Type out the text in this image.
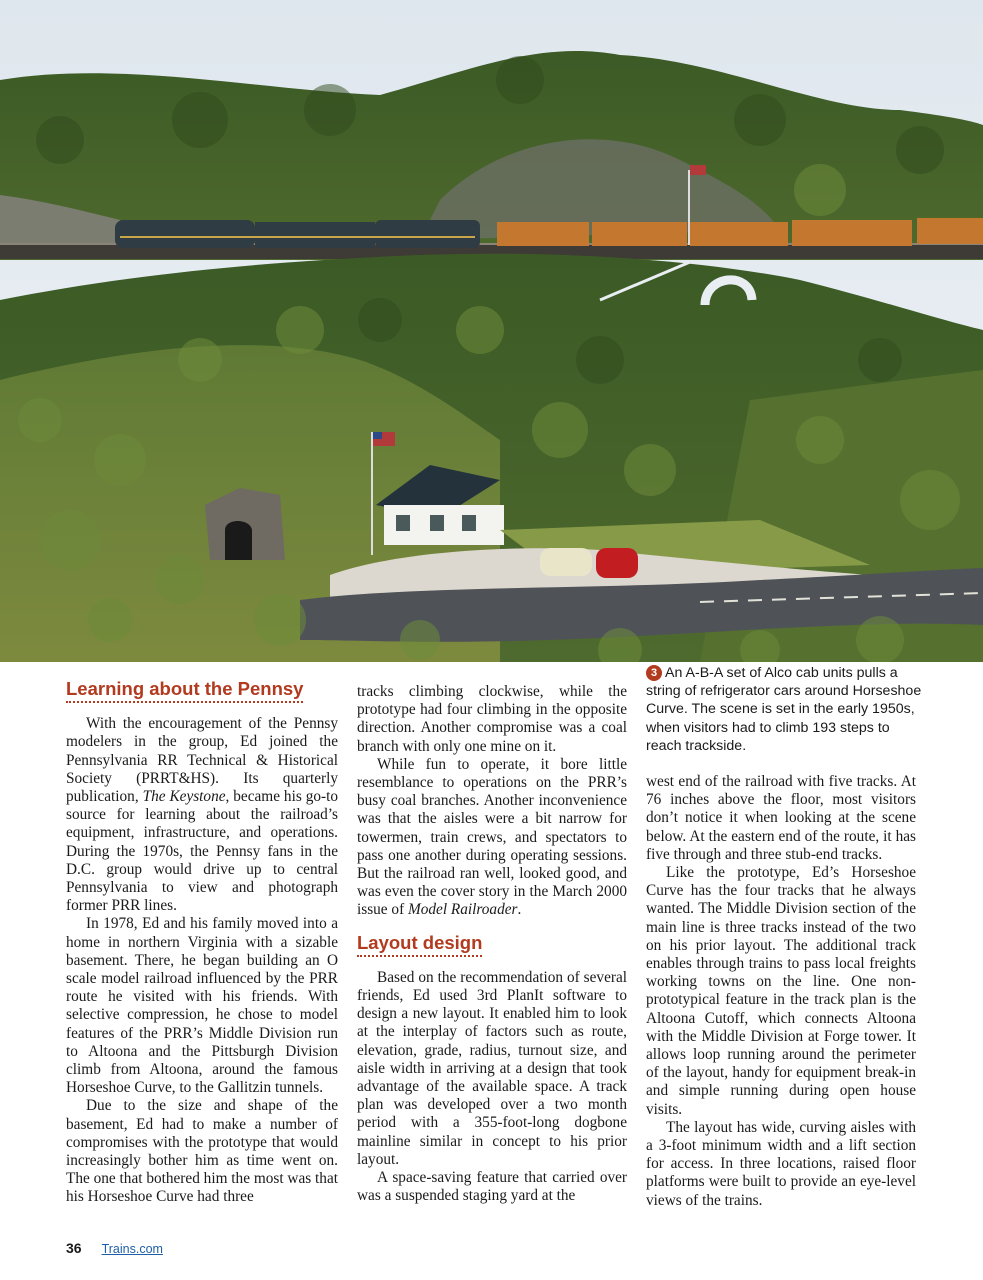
3 An A-B-A set of Alco cab units pulls a string of refrigerator cars around Horseshoe Curve. The scene is set in the early 1950s, when visitors had to climb 193 steps to reach trackside.
Learning about the Pennsy

With the encouragement of the Pennsy modelers in the group, Ed joined the Pennsylvania RR Technical & Historical Society (PRRT&HS). Its quarterly publication, The Keystone, became his go-to source for learning about the railroad’s equipment, infrastructure, and operations. During the 1970s, the Pennsy fans in the D.C. group would drive up to central Pennsylvania to view and photograph former PRR lines.

In 1978, Ed and his family moved into a home in northern Virginia with a sizable basement. There, he began building an O scale model railroad influenced by the PRR route he visited with his friends. With selective compression, he chose to model features of the PRR’s Middle Division run to Altoona and the Pittsburgh Division climb from Altoona, around the famous Horseshoe Curve, to the Gallitzin tunnels.

Due to the size and shape of the basement, Ed had to make a number of compromises with the prototype that would increasingly bother him as time went on. The one that bothered him the most was that his Horseshoe Curve had three

tracks climbing clockwise, while the prototype had four climbing in the opposite direction. Another compromise was a coal branch with only one mine on it.

While fun to operate, it bore little resemblance to operations on the PRR’s busy coal branches. Another inconvenience was that the aisles were a bit narrow for towermen, train crews, and spectators to pass one another during operating sessions. But the railroad ran well, looked good, and was even the cover story in the March 2000 issue of Model Railroader.

Layout design

Based on the recommendation of several friends, Ed used 3rd PlanIt software to design a new layout. It enabled him to look at the interplay of factors such as route, elevation, grade, radius, turnout size, and aisle width in arriving at a design that took advantage of the available space. A track plan was developed over a two month period with a 355-foot-long dogbone mainline similar in concept to his prior layout.

A space-saving feature that carried over was a suspended staging yard at the

west end of the railroad with five tracks. At 76 inches above the floor, most visitors don’t notice it when looking at the scene below. At the eastern end of the route, it has five through and three stub-end tracks.

Like the prototype, Ed’s Horseshoe Curve has the four tracks that he always wanted. The Middle Division section of the main line is three tracks instead of the two on his prior layout. The additional track enables through trains to pass local freights working towns on the line. One non-prototypical feature in the track plan is the Altoona Cutoff, which connects Altoona with the Middle Division at Forge tower. It allows loop running around the perimeter of the layout, handy for equipment break-in and simple running during open house visits.

The layout has wide, curving aisles with a 3-foot minimum width and a lift section for access. In three locations, raised floor platforms were built to provide an eye-level views of the trains.

36 Trains.com
